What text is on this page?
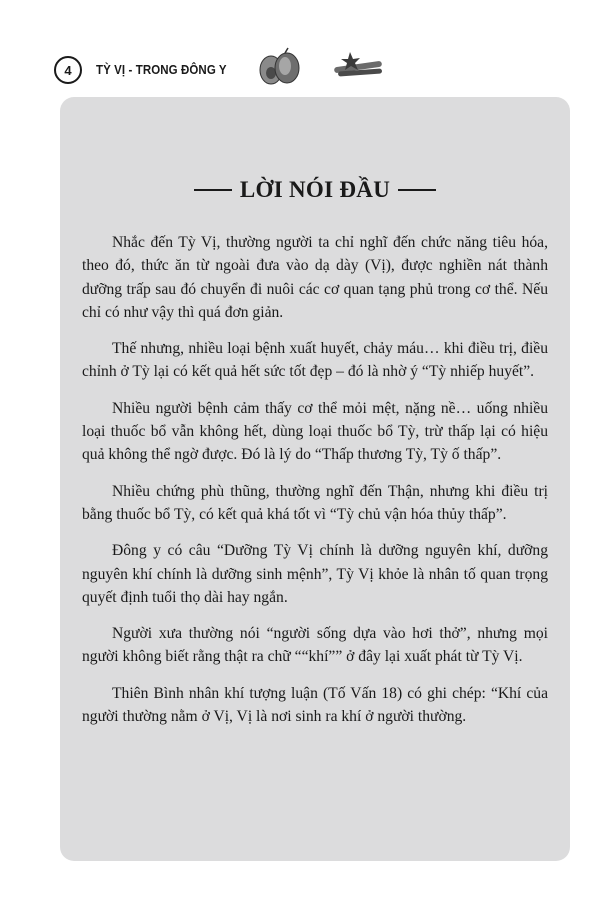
4	TỲ VỊ - TRONG ĐÔNG Y
LỜI NÓI ĐẦU

Nhắc đến Tỳ Vị, thường người ta chỉ nghĩ đến chức năng tiêu hóa, theo đó, thức ăn từ ngoài đưa vào dạ dày (Vị), được nghiền nát thành dưỡng trấp sau đó chuyển đi nuôi các cơ quan tạng phủ trong cơ thể. Nếu chỉ có như vậy thì quá đơn giản.

Thế nhưng, nhiều loại bệnh xuất huyết, chảy máu… khi điều trị, điều chỉnh ở Tỳ lại có kết quả hết sức tốt đẹp – đó là nhờ ý “Tỳ nhiếp huyết”.

Nhiều người bệnh cảm thấy cơ thể mỏi mệt, nặng nề… uống nhiều loại thuốc bổ vẫn không hết, dùng loại thuốc bổ Tỳ, trừ thấp lại có hiệu quả không thể ngờ được. Đó là lý do “Thấp thương Tỳ, Tỳ ố thấp”.

Nhiều chứng phù thũng, thường nghĩ đến Thận, nhưng khi điều trị bằng thuốc bổ Tỳ, có kết quả khá tốt vì “Tỳ chủ vận hóa thủy thấp”.

Đông y có câu “Dưỡng Tỳ Vị chính là dưỡng nguyên khí, dưỡng nguyên khí chính là dưỡng sinh mệnh”, Tỳ Vị khỏe là nhân tố quan trọng quyết định tuổi thọ dài hay ngắn.

Người xưa thường nói “người sống dựa vào hơi thở”, nhưng mọi người không biết rằng thật ra chữ ““khí”” ở đây lại xuất phát từ Tỳ Vị.

Thiên Bình nhân khí tượng luận (Tố Vấn 18) có ghi chép: “Khí của người thường nằm ở Vị, Vị là nơi sinh ra khí ở người thường.
